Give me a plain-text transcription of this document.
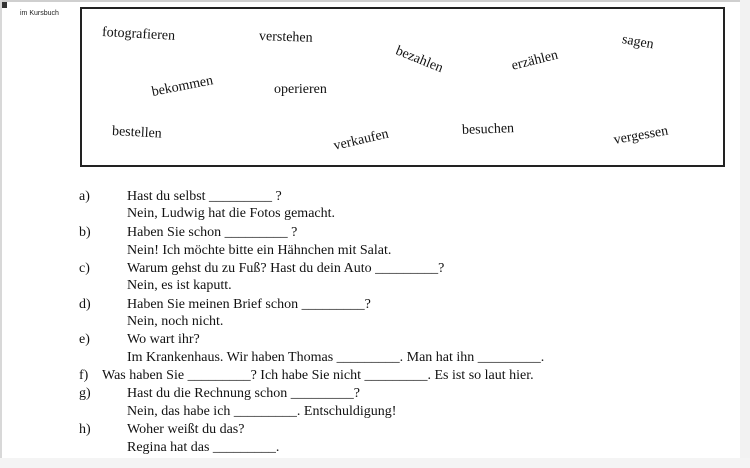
im Kursbuch
fotografieren	verstehen
bezahlen	erzählen
sagen
bekommen	operieren
bestellen	verkaufen	besuchen	vergessen
a)	Hast du selbst _________ ?
Nein, Ludwig hat die Fotos gemacht.
b)	Haben Sie schon _________ ?
Nein! Ich möchte bitte ein Hähnchen mit Salat.
c)	Warum gehst du zu Fuß? Hast du dein Auto _________?
Nein, es ist kaputt.
d)	Haben Sie meinen Brief schon _________?
Nein, noch nicht.
e)	Wo wart ihr?
Im Krankenhaus. Wir haben Thomas _________. Man hat ihn _________.
f) Was haben Sie _________? Ich habe Sie nicht _________. Es ist so laut hier.
g)	Hast du die Rechnung schon _________?
Nein, das habe ich _________. Entschuldigung!
h)	Woher weißt du das?
Regina hat das _________.
